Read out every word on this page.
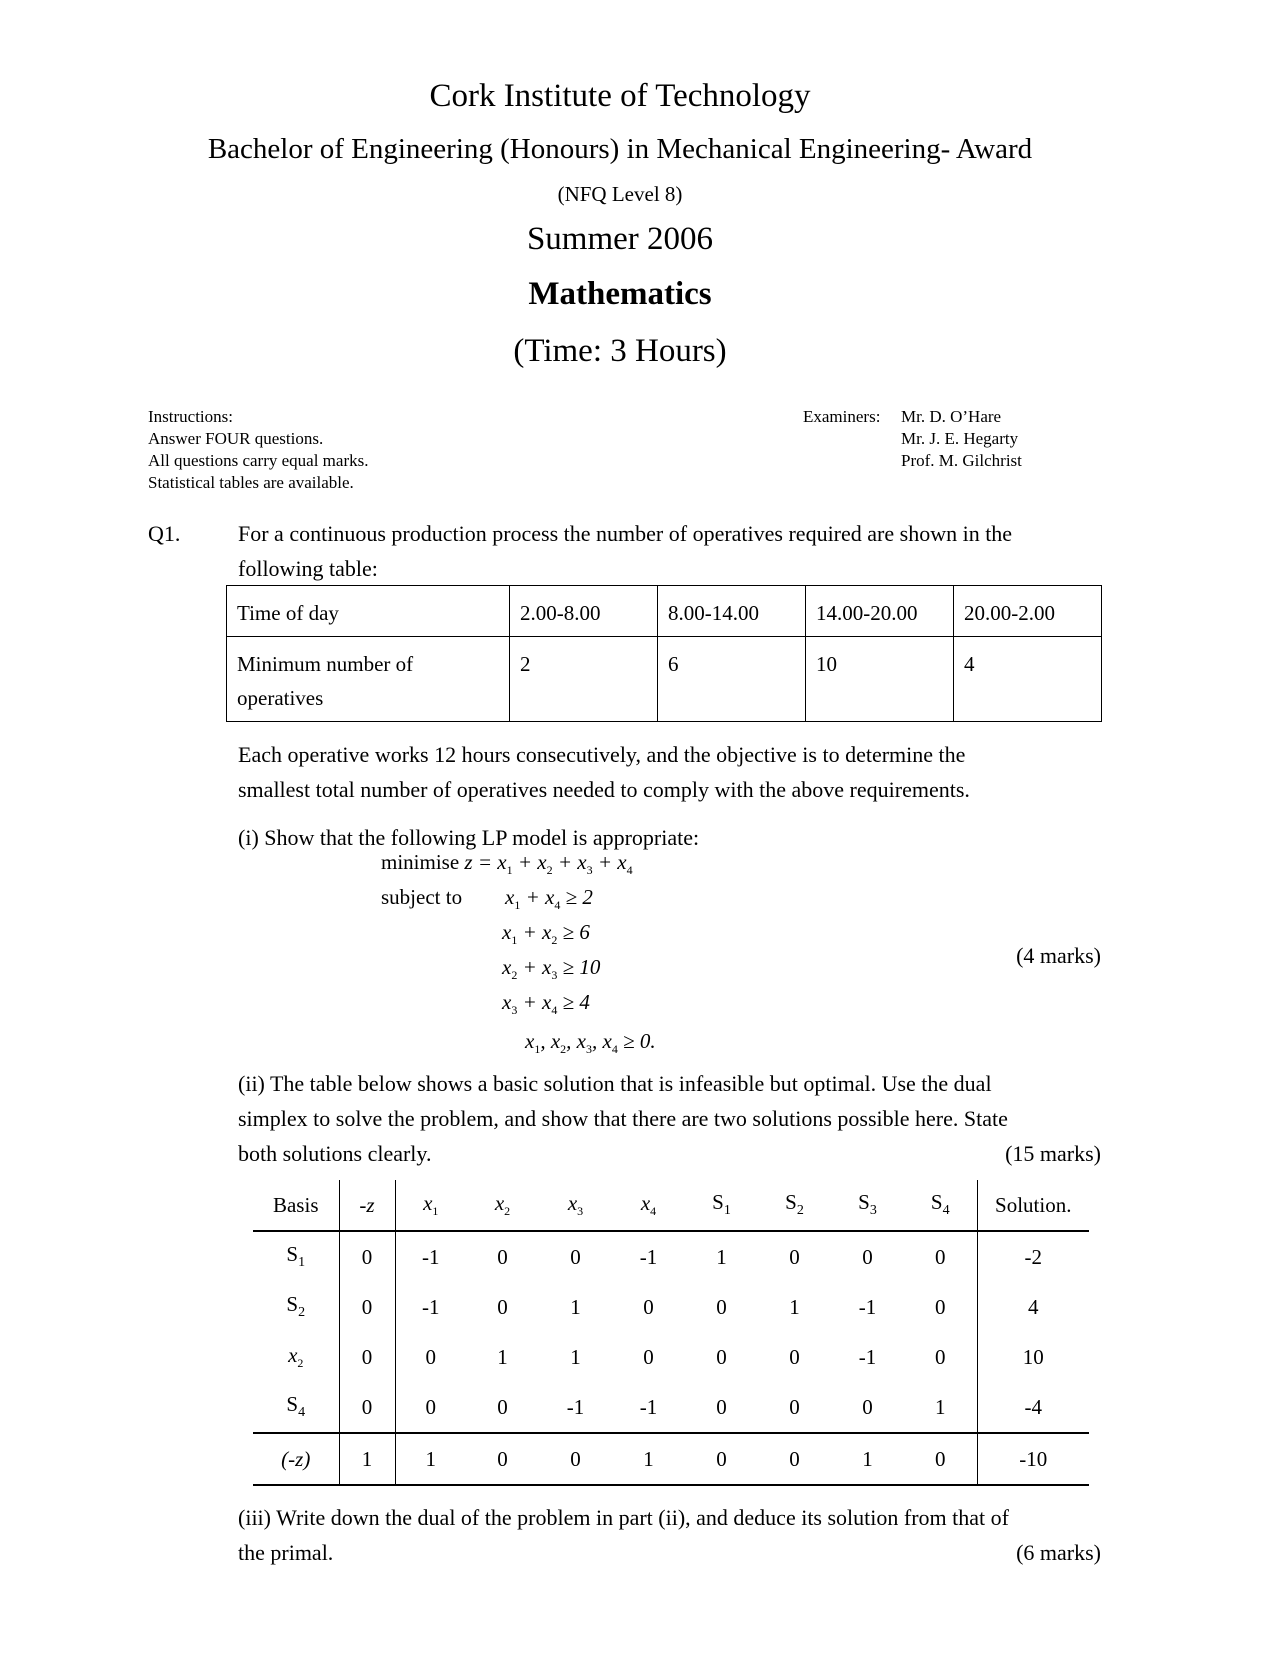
Cork Institute of Technology
Bachelor of Engineering (Honours) in Mechanical Engineering- Award
(NFQ Level 8)
Summer 2006
Mathematics
(Time: 3 Hours)
Instructions:
Answer FOUR questions.
All questions carry equal marks.
Statistical tables are available.
Examiners: Mr. D. O’Hare
Mr. J. E. Hegarty
Prof. M. Gilchrist
Q1.	For a continuous production process the number of operatives required are shown in the
following table:
Time of day	2.00-8.00	8.00-14.00	14.00-20.00	20.00-2.00

Minimum number of
operatives	2	6	10	4
Each operative works 12 hours consecutively, and the objective is to determine the
smallest total number of operatives needed to comply with the above requirements.
(i) Show that the following LP model is appropriate:
minimise $z = x_1 + x_2 + x_3 + x_4$
subject to $x_1 + x_4 \ge 2$
$x_1 + x_2 \ge 6$
$x_2 + x_3 \ge 10$
$x_3 + x_4 \ge 4$
$x_1$, $x_2$, $x_3$, $x_4 \ge 0$.
(4 marks)
(ii) The table below shows a basic solution that is infeasible but optimal. Use the dual
simplex to solve the problem, and show that there are two solutions possible here. State
both solutions clearly.	(15 marks)
Basis	-z	$x_1$	$x_2$	$x_3$	$x_4$	$S_1$	$S_2$	$S_3$	$S_4$	Solution.
$S_1$	0	-1	0	0	-1	1	0	0	0	-2
$S_2$	0	-1	0	1	0	0	1	-1	0	4
$x_2$	0	0	1	1	0	0	0	-1	0	10
$S_4$	0	0	0	-1	-1	0	0	0	1	-4
(-z)	1	1	0	0	1	0	0	1	0	-10
(iii) Write down the dual of the problem in part (ii), and deduce its solution from that of
the primal.	(6 marks)
